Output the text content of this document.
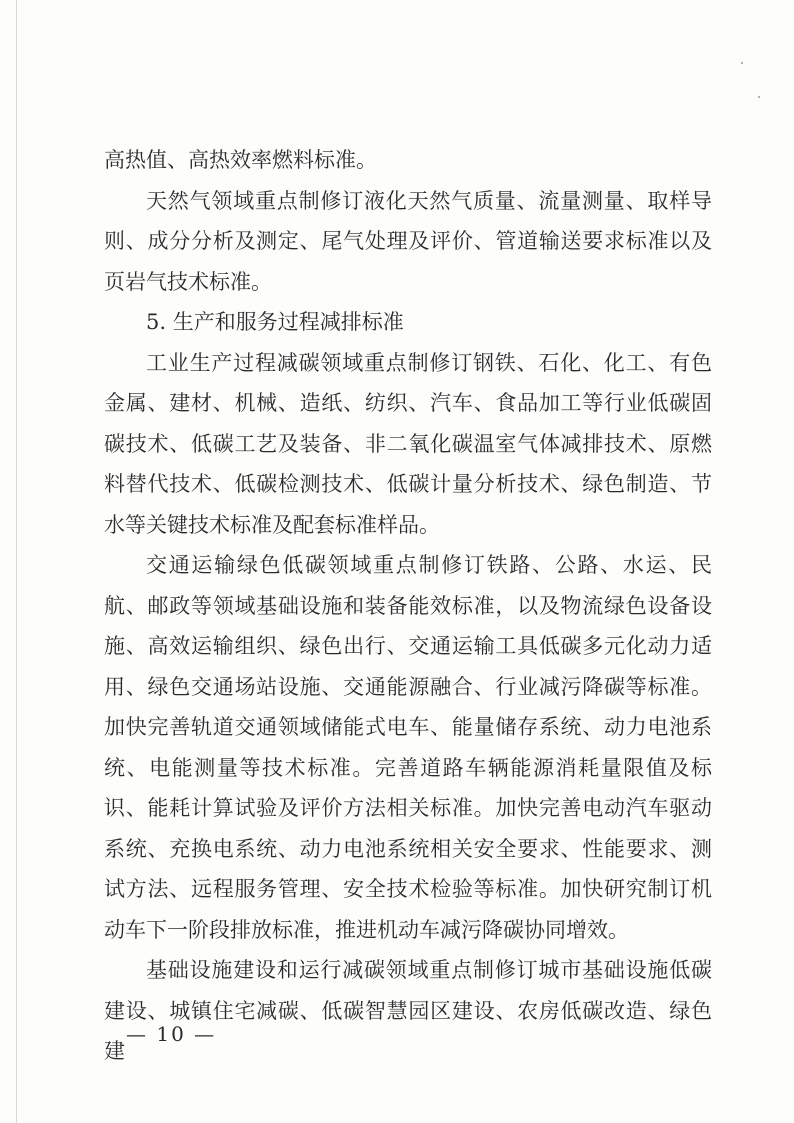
高热值、高热效率燃料标准。

天然气领域重点制修订液化天然气质量、流量测量、取样导则、成分分析及测定、尾气处理及评价、管道输送要求标准以及页岩气技术标准。

5. 生产和服务过程减排标准

工业生产过程减碳领域重点制修订钢铁、石化、化工、有色金属、建材、机械、造纸、纺织、汽车、食品加工等行业低碳固碳技术、低碳工艺及装备、非二氧化碳温室气体减排技术、原燃料替代技术、低碳检测技术、低碳计量分析技术、绿色制造、节水等关键技术标准及配套标准样品。

交通运输绿色低碳领域重点制修订铁路、公路、水运、民航、邮政等领域基础设施和装备能效标准，以及物流绿色设备设施、高效运输组织、绿色出行、交通运输工具低碳多元化动力适用、绿色交通场站设施、交通能源融合、行业减污降碳等标准。加快完善轨道交通领域储能式电车、能量储存系统、动力电池系统、电能测量等技术标准。完善道路车辆能源消耗量限值及标识、能耗计算试验及评价方法相关标准。加快完善电动汽车驱动系统、充换电系统、动力电池系统相关安全要求、性能要求、测试方法、远程服务管理、安全技术检验等标准。加快研究制订机动车下一阶段排放标准，推进机动车减污降碳协同增效。

基础设施建设和运行减碳领域重点制修订城市基础设施低碳建设、城镇住宅减碳、低碳智慧园区建设、农房低碳改造、绿色建

— 10 —
